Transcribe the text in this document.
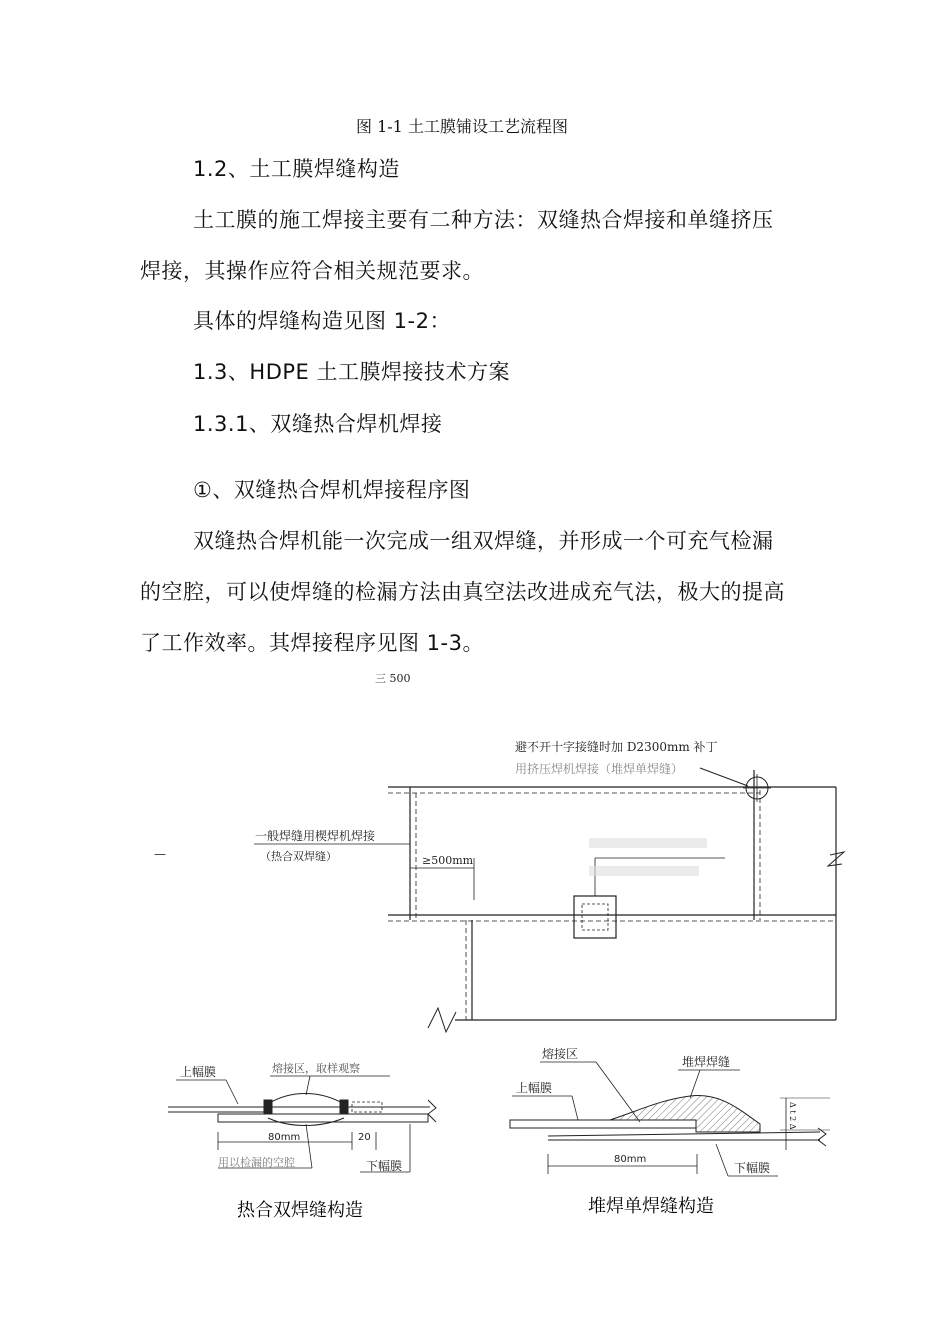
图 1-1 土工膜铺设工艺流程图
1.2、土工膜焊缝构造
土工膜的施工焊接主要有二种方法：双缝热合焊接和单缝挤压
焊接，其操作应符合相关规范要求。
具体的焊缝构造见图 1-2：
1.3、HDPE 土工膜焊接技术方案
1.3.1、双缝热合焊机焊接
①、双缝热合焊机焊接程序图
双缝热合焊机能一次完成一组双焊缝，并形成一个可充气检漏
的空腔，可以使焊缝的检漏方法由真空法改进成充气法，极大的提高
了工作效率。其焊接程序见图 1-3。
三 500
避不开十字接缝时加 D2300mm 补丁
用挤压焊机焊接（堆焊单焊缝）
一般焊缝用楔焊机焊接
（热合双焊缝）
—	≥500mm
上幅膜	熔接区，取样观察
80mm	20
用以检漏的空腔	下幅膜
热合双焊缝构造
熔接区
堆焊焊缝
上幅膜
80mm
下幅膜
Δ t 2 Δ
堆焊单焊缝构造
